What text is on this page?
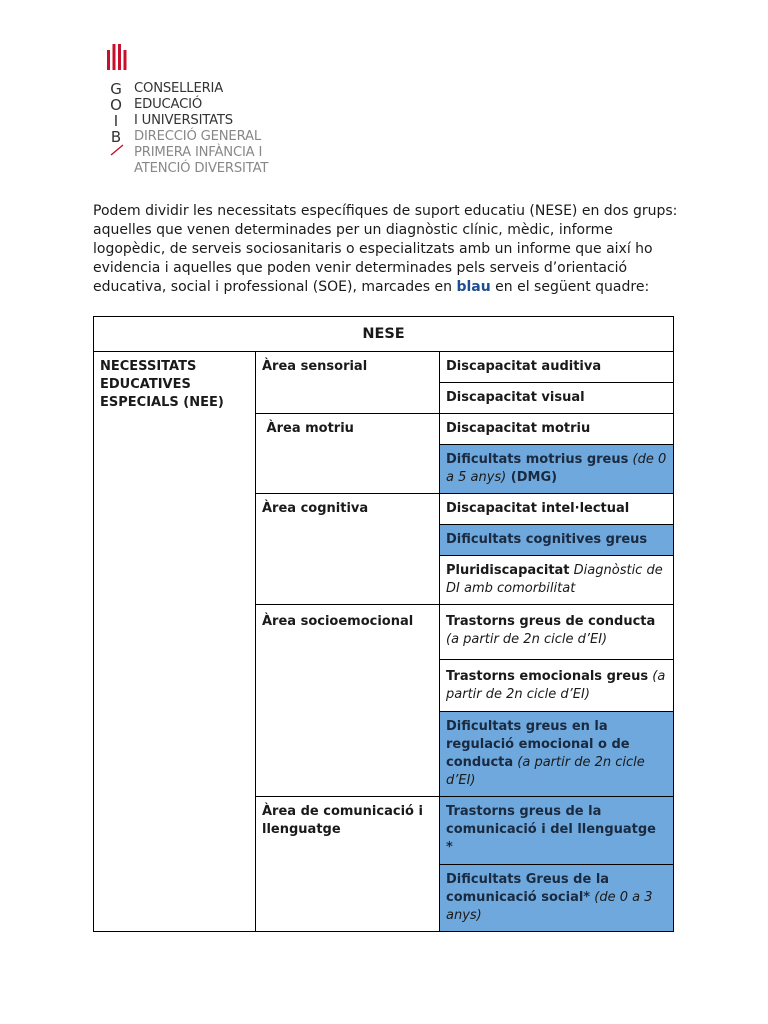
G
O
I
B
CONSELLERIA
EDUCACIÓ
I UNIVERSITATS
DIRECCIÓ GENERAL
PRIMERA INFÀNCIA I
ATENCIÓ DIVERSITAT

Podem dividir les necessitats específiques de suport educatiu (NESE) en dos grups: aquelles que venen determinades per un diagnòstic clínic, mèdic, informe logopèdic, de serveis sociosanitaris o especialitzats amb un informe que així ho evidencia i aquelles que poden venir determinades pels serveis d’orientació educativa, social i professional (SOE), marcades en blau en el següent quadre:

NESE		
NECESSITATS EDUCATIVES ESPECIALS (NEE)	Àrea sensorial	Discapacitat auditiva
		Discapacitat visual
	Àrea motriu	Discapacitat motriu
		Dificultats motrius greus (de 0 a 5 anys) (DMG)
	Àrea cognitiva	Discapacitat intel·lectual
		Dificultats cognitives greus
		Pluridiscapacitat Diagnòstic de DI amb comorbilitat
	Àrea socioemocional	Trastorns greus de conducta (a partir de 2n cicle d’EI)
		Trastorns emocionals greus (a partir de 2n cicle d’EI)
		Dificultats greus en la regulació emocional o de conducta (a partir de 2n cicle d’EI)
	Àrea de comunicació i llenguatge	Trastorns greus de la comunicació i del llenguatge *
		Dificultats Greus de la comunicació social* (de 0 a 3 anys)
